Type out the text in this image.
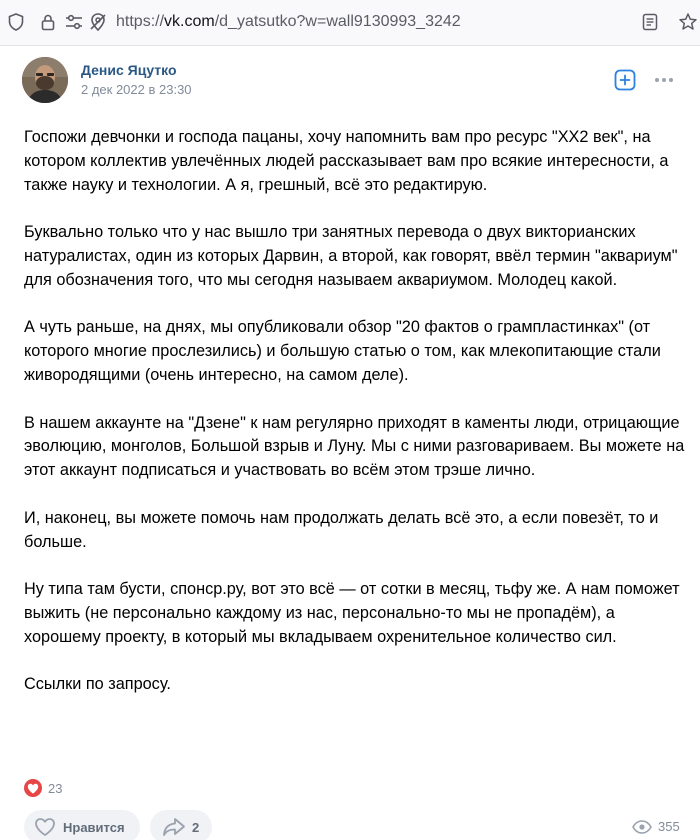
https://vk.com/d_yatsutko?w=wall9130993_3242
Денис Яцутко
2 дек 2022 в 23:30

Госпожи девчонки и господа пацаны, хочу напомнить вам про ресурс "XX2 век", на котором коллектив увлечённых людей рассказывает вам про всякие интересности, а также науку и технологии. А я, грешный, всё это редактирую.

Буквально только что у нас вышло три занятных перевода о двух викторианских натуралистах, один из которых Дарвин, а второй, как говорят, ввёл термин "аквариум" для обозначения того, что мы сегодня называем аквариумом. Молодец какой.

А чуть раньше, на днях, мы опубликовали обзор "20 фактов о грампластинках" (от которого многие прослезились) и большую статью о том, как млекопитающие стали живородящими (очень интересно, на самом деле).

В нашем аккаунте на "Дзене" к нам регулярно приходят в каменты люди, отрицающие эволюцию, монголов, Большой взрыв и Луну. Мы с ними разговариваем. Вы можете на этот аккаунт подписаться и участвовать во всём этом трэше лично.

И, наконец, вы можете помочь нам продолжать делать всё это, а если повезёт, то и больше.

Ну типа там бусти, спонср.ру, вот это всё — от сотки в месяц, тьфу же. А нам поможет выжить (не персонально каждому из нас, персонально-то мы не пропадём), а хорошему проекту, в который мы вкладываем охренительное количество сил.

Ссылки по запросу.

23
Нравится	2	355
